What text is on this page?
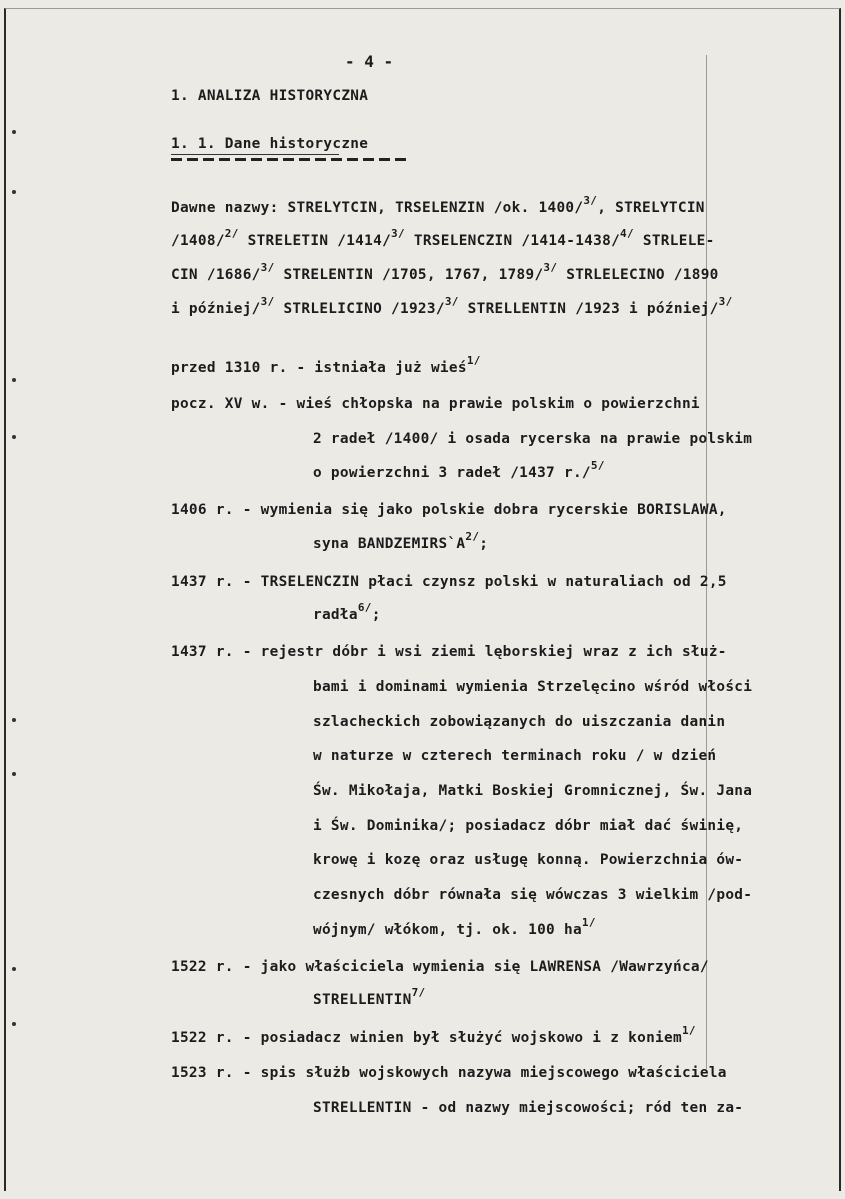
- 4 -
1. ANALIZA HISTORYCZNA
1. 1. Dane historyczne
Dawne nazwy: STRELYTCIN, TRSELENZIN /ok. 1400/$^{3/}$, STRELYTCIN
/1408/$^{2/}$ STRELETIN /1414/$^{3/}$ TRSELENCZIN /1414-1438/$^{4/}$ STRLELE-
CIN /1686/$^{3/}$ STRELENTIN /1705, 1767, 1789/$^{3/}$ STRLELECINO /1890
i później/$^{3/}$ STRLELICINO /1923/$^{3/}$ STRELLENTIN /1923 i później/$^{3/}$
przed 1310 r. - istniała już wieś$^{1/}$
pocz. XV w. - wieś chłopska na prawie polskim o powierzchni
2 radeł /1400/ i osada rycerska na prawie polskim
o powierzchni 3 radeł /1437 r./$^{5/}$
1406 r. - wymienia się jako polskie dobra rycerskie BORISLAWA,
syna $BANDZEMIRS`A^{2/}$;
1437 r. - TRSELENCZIN płaci czynsz polski w naturaliach od 2,5
radła$^{6/}$;
1437 r. - rejestr dóbr i wsi ziemi lęborskiej wraz z ich służ-
bami i dominami wymienia Strzelęcino wśród włości
szlacheckich zobowiązanych do uiszczania danin
w naturze w czterech terminach roku / w dzień
Św. Mikołaja, Matki Boskiej Gromnicznej, Św. Jana
i Św. Dominika/; posiadacz dóbr miał dać świnię,
krowę i kozę oraz usługę konną. Powierzchnia ów-
czesnych dóbr równała się wówczas 3 wielkim /pod-
wójnym/ włókom, tj. ok. 100 $ha^{1/}$
1522 r. - jako właściciela wymienia się LAWRENSA /Wawrzyńca/
$STRELLENTIN^{7/}$
1522 r. - posiadacz winien był służyć wojskowo i z koniem$^{1/}$
1523 r. - spis służb wojskowych nazywa miejscowego właściciela
STRELLENTIN - od nazwy miejscowości; ród ten za-
